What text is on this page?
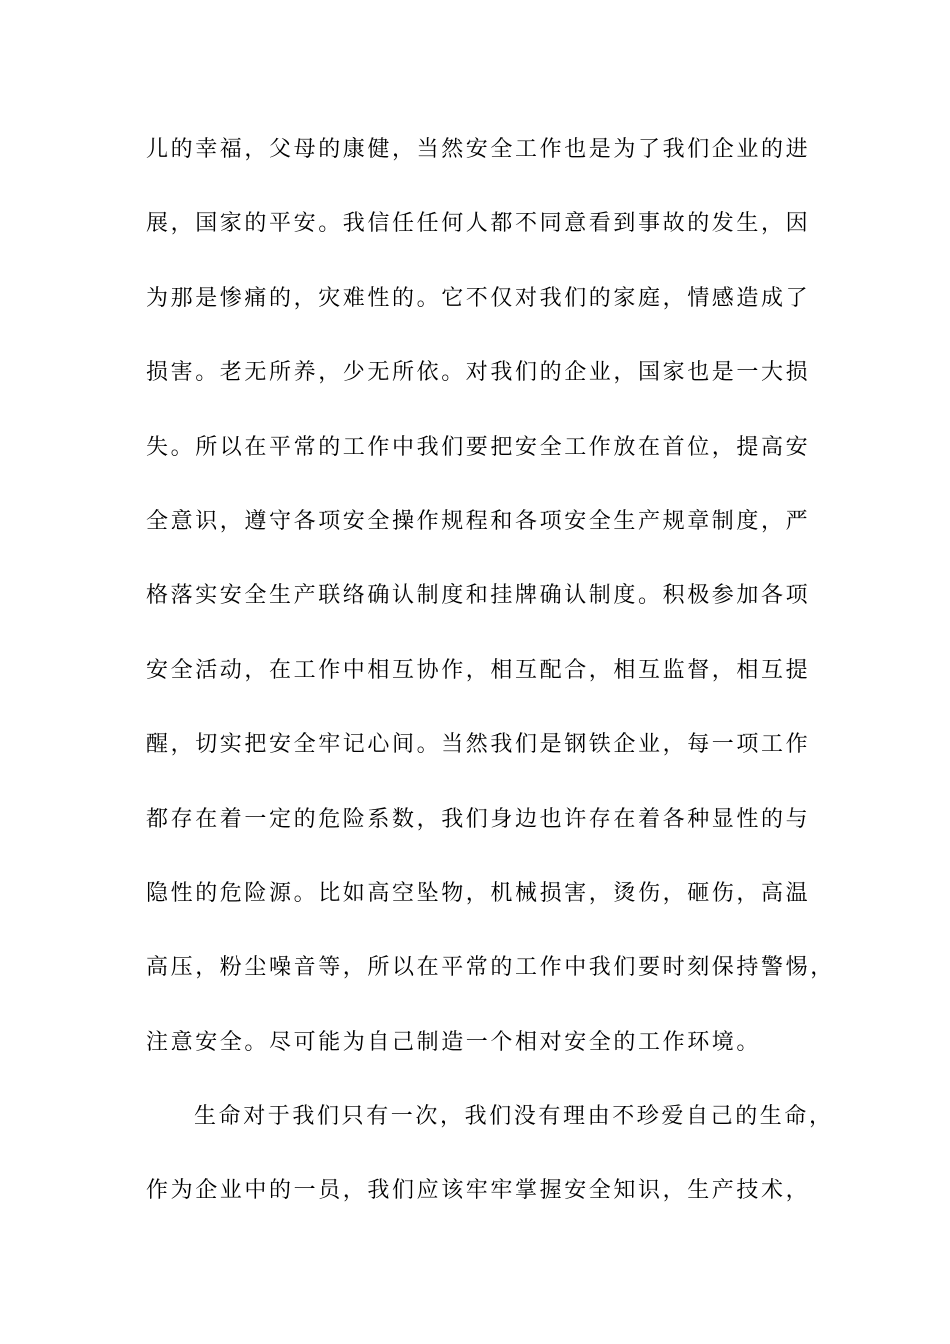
儿的幸福，父母的康健，当然安全工作也是为了我们企业的进
展，国家的平安。我信任任何人都不同意看到事故的发生，因
为那是惨痛的，灾难性的。它不仅对我们的家庭，情感造成了
损害。老无所养，少无所依。对我们的企业，国家也是一大损
失。所以在平常的工作中我们要把安全工作放在首位，提高安
全意识，遵守各项安全操作规程和各项安全生产规章制度，严
格落实安全生产联络确认制度和挂牌确认制度。积极参加各项
安全活动，在工作中相互协作，相互配合，相互监督，相互提
醒，切实把安全牢记心间。当然我们是钢铁企业，每一项工作
都存在着一定的危险系数，我们身边也许存在着各种显性的与
隐性的危险源。比如高空坠物，机械损害，烫伤，砸伤，高温
高压，粉尘噪音等，所以在平常的工作中我们要时刻保持警惕，
注意安全。尽可能为自己制造一个相对安全的工作环境。
生命对于我们只有一次，我们没有理由不珍爱自己的生命，
作为企业中的一员，我们应该牢牢掌握安全知识，生产技术，
